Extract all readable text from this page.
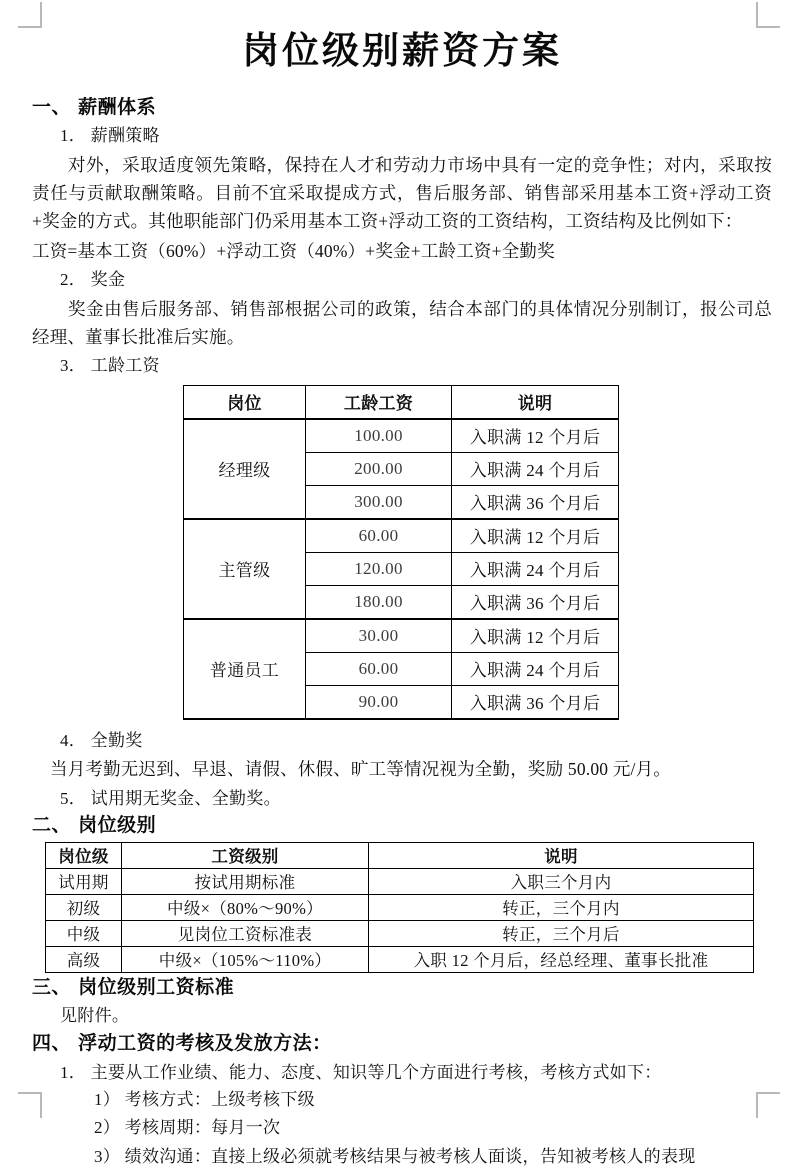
岗位级别薪资方案
一、 薪酬体系
1． 薪酬策略

对外，采取适度领先策略，保持在人才和劳动力市场中具有一定的竞争性；对内，采取按责任与贡献取酬策略。目前不宜采取提成方式，售后服务部、销售部采用基本工资+浮动工资+奖金的方式。其他职能部门仍采用基本工资+浮动工资的工资结构，工资结构及比例如下：

工资=基本工资（60%）+浮动工资（40%）+奖金+工龄工资+全勤奖

2． 奖金

奖金由售后服务部、销售部根据公司的政策，结合本部门的具体情况分别制订，报公司总经理、董事长批准后实施。

3． 工龄工资
岗位	工龄工资	说明
经理级	100.00	入职满 12 个月后
	200.00	入职满 24 个月后
	300.00	入职满 36 个月后
主管级	60.00	入职满 12 个月后
	120.00	入职满 24 个月后
	180.00	入职满 36 个月后
普通员工	30.00	入职满 12 个月后
	60.00	入职满 24 个月后
	90.00	入职满 36 个月后
4． 全勤奖

当月考勤无迟到、早退、请假、休假、旷工等情况视为全勤，奖励 50.00 元/月。

5． 试用期无奖金、全勤奖。
二、 岗位级别
岗位级	工资级别	说明
试用期	按试用期标准	入职三个月内
初级	中级×（80%～90%）	转正，三个月内
中级	见岗位工资标准表	转正，三个月后
高级	中级×（105%～110%）	入职 12 个月后，经总经理、董事长批准
三、 岗位级别工资标准
见附件。
四、 浮动工资的考核及发放方法：
1． 主要从工作业绩、能力、态度、知识等几个方面进行考核，考核方式如下：
1） 考核方式：上级考核下级
2） 考核周期：每月一次
3） 绩效沟通：直接上级必须就考核结果与被考核人面谈，告知被考核人的表现
